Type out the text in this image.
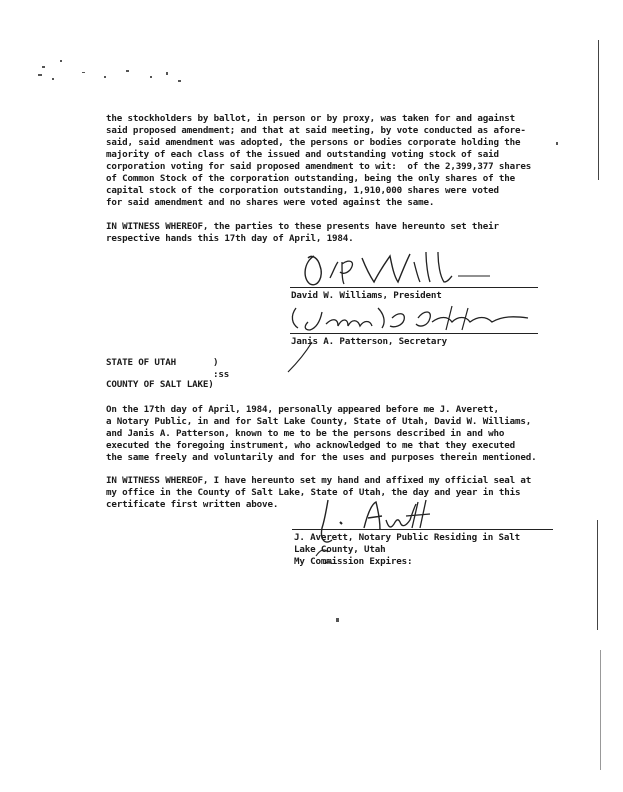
the stockholders by ballot, in person or by proxy, was taken for and against
said proposed amendment; and that at said meeting, by vote conducted as afore-
said, said amendment was adopted, the persons or bodies corporate holding the
majority of each class of the issued and outstanding voting stock of said
corporation voting for said proposed amendment to wit:  of the 2,399,377 shares
of Common Stock of the corporation outstanding, being the only shares of the
capital stock of the corporation outstanding, 1,910,000 shares were voted
for said amendment and no shares were voted against the same.
IN WITNESS WHEREOF, the parties to these presents have hereunto set their
respective hands this 17th day of April, 1984.
David W. Williams, President
Janis A. Patterson, Secretary
STATE OF UTAH	)
:ss
COUNTY OF SALT LAKE)
On the 17th day of April, 1984, personally appeared before me J. Averett,
a Notary Public, in and for Salt Lake County, State of Utah, David W. Williams,
and Janis A. Patterson, known to me to be the persons described in and who
executed the foregoing instrument, who acknowledged to me that they executed
the same freely and voluntarily and for the uses and purposes therein mentioned.
IN WITNESS WHEREOF, I have hereunto set my hand and affixed my official seal at
my office in the County of Salt Lake, State of Utah, the day and year in this
certificate first written above.
J. Averett, Notary Public Residing in Salt
Lake County, Utah
My Commission Expires:
